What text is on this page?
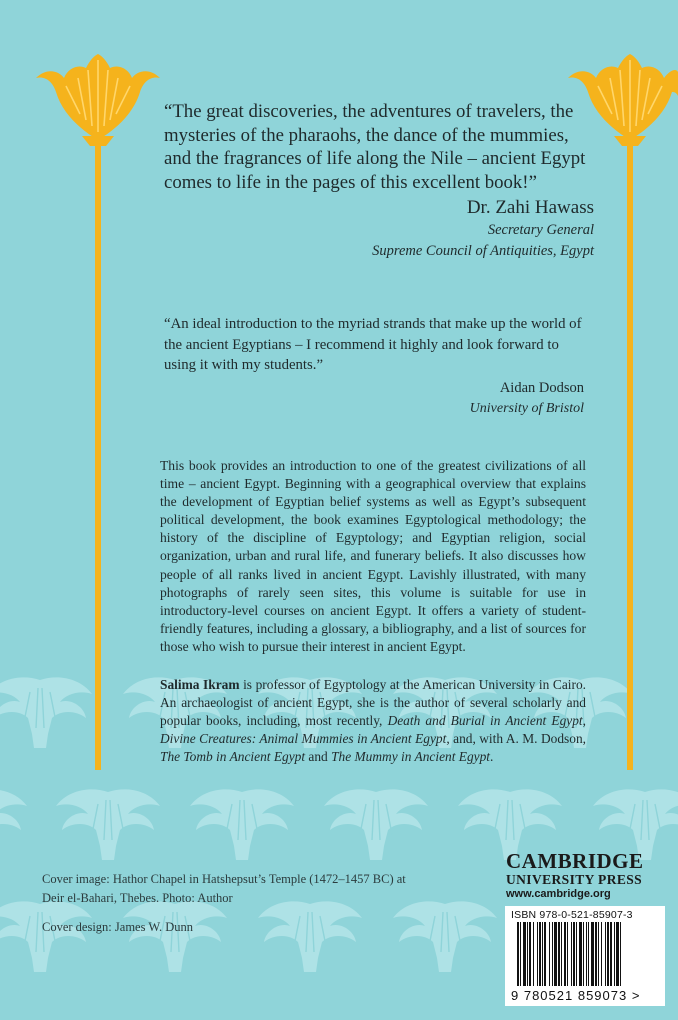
“The great discoveries, the adventures of travelers, the mysteries of the pharaohs, the dance of the mummies, and the fragrances of life along the Nile – ancient Egypt comes to life in the pages of this excellent book!”
Dr. Zahi Hawass
Secretary General
Supreme Council of Antiquities, Egypt
“An ideal introduction to the myriad strands that make up the world of the ancient Egyptians – I recommend it highly and look forward to using it with my students.”
Aidan Dodson
University of Bristol
This book provides an introduction to one of the greatest civilizations of all time – ancient Egypt. Beginning with a geographical overview that explains the development of Egyptian belief systems as well as Egypt’s subsequent political development, the book examines Egyptological methodology; the history of the discipline of Egyptology; and Egyptian religion, social organization, urban and rural life, and funerary beliefs. It also discusses how people of all ranks lived in ancient Egypt. Lavishly illustrated, with many photographs of rarely seen sites, this volume is suitable for use in introductory-level courses on ancient Egypt. It offers a variety of student-friendly features, including a glossary, a bibliography, and a list of sources for those who wish to pursue their interest in ancient Egypt.
Salima Ikram is professor of Egyptology at the American University in Cairo. An archaeologist of ancient Egypt, she is the author of several scholarly and popular books, including, most recently, Death and Burial in Ancient Egypt, Divine Creatures: Animal Mummies in Ancient Egypt, and, with A. M. Dodson, The Tomb in Ancient Egypt and The Mummy in Ancient Egypt.
Cover image: Hathor Chapel in Hatshepsut’s Temple (1472–1457 BC) at Deir el-Bahari, Thebes. Photo: Author
Cover design: James W. Dunn
CAMBRIDGE
UNIVERSITY PRESS
www.cambridge.org
ISBN 978-0-521-85907-3
9 780521 859073 >
